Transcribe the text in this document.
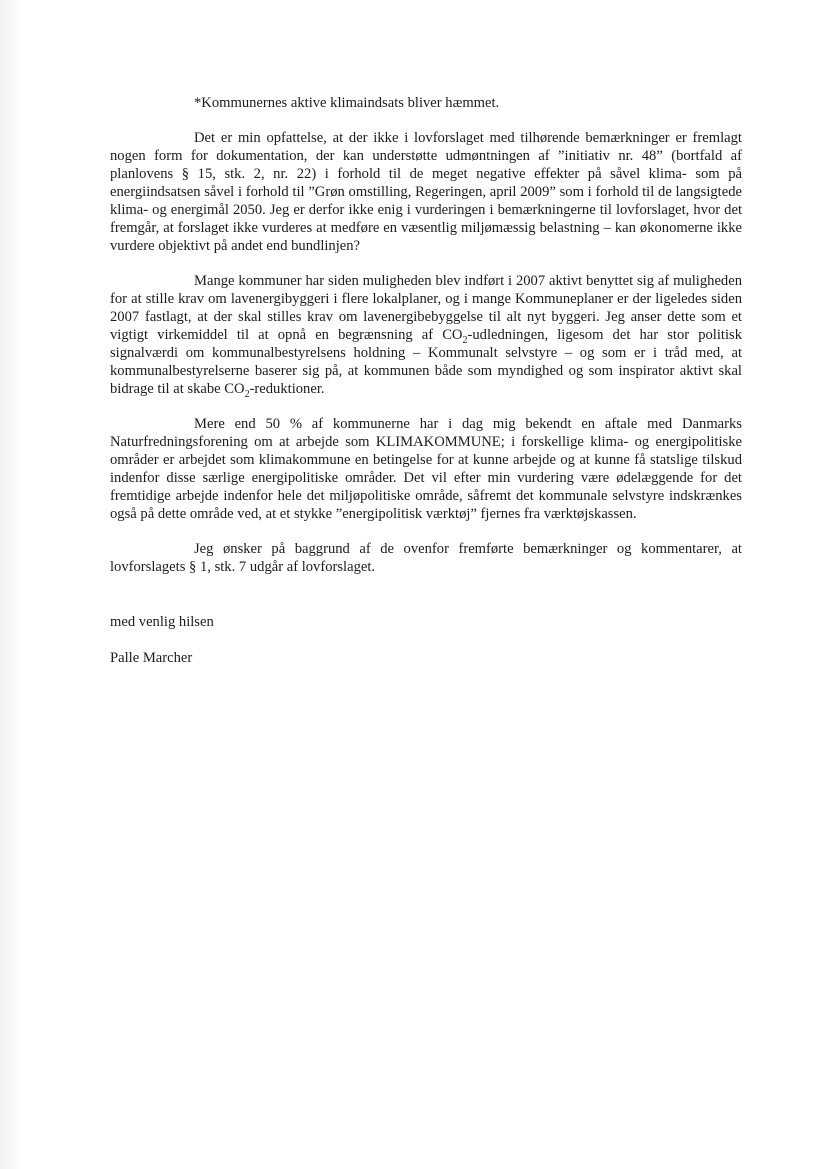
*Kommunernes aktive klimaindsats bliver hæmmet.

Det er min opfattelse, at der ikke i lovforslaget med tilhørende bemærkninger er fremlagt nogen form for dokumentation, der kan understøtte udmøntningen af ”initiativ nr. 48” (bortfald af planlovens § 15, stk. 2, nr. 22) i forhold til de meget negative effekter på såvel klima- som på energiindsatsen såvel i forhold til ”Grøn omstilling, Regeringen, april 2009” som i forhold til de langsigtede klima- og energimål 2050. Jeg er derfor ikke enig i vurderingen i bemærkningerne til lovforslaget, hvor det fremgår, at forslaget ikke vurderes at medføre en væsentlig miljømæssig belastning – kan økonomerne ikke vurdere objektivt på andet end bundlinjen?

Mange kommuner har siden muligheden blev indført i 2007 aktivt benyttet sig af muligheden for at stille krav om lavenergibyggeri i flere lokalplaner, og i mange Kommuneplaner er der ligeledes siden 2007 fastlagt, at der skal stilles krav om lavenergibebyggelse til alt nyt byggeri. Jeg anser dette som et vigtigt virkemiddel til at opnå en begrænsning af $CO_2$-udledningen, ligesom det har stor politisk signalværdi om kommunalbestyrelsens holdning – Kommunalt selvstyre – og som er i tråd med, at kommunalbestyrelserne baserer sig på, at kommunen både som myndighed og som inspirator aktivt skal bidrage til at skabe $CO_2$-reduktioner.

Mere end 50 % af kommunerne har i dag mig bekendt en aftale med Danmarks Naturfredningsforening om at arbejde som KLIMAKOMMUNE; i forskellige klima- og energipolitiske områder er arbejdet som klimakommune en betingelse for at kunne arbejde og at kunne få statslige tilskud indenfor disse særlige energipolitiske områder. Det vil efter min vurdering være ødelæggende for det fremtidige arbejde indenfor hele det miljøpolitiske område, såfremt det kommunale selvstyre indskrænkes også på dette område ved, at et stykke ”energipolitisk værktøj” fjernes fra værktøjskassen.

Jeg ønsker på baggrund af de ovenfor fremførte bemærkninger og kommentarer, at lovforslagets § 1, stk. 7 udgår af lovforslaget.

med venlig hilsen

Palle Marcher
